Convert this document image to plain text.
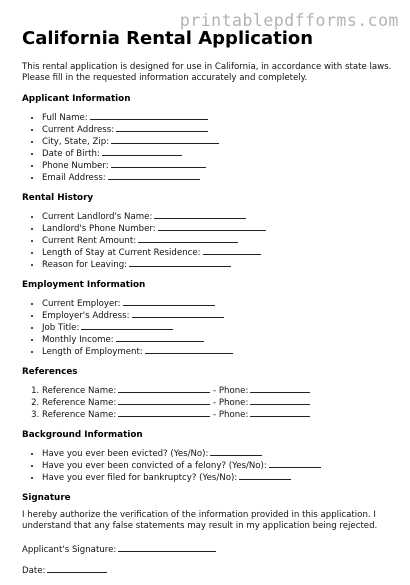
printablepdfforms.com
California Rental Application

This rental application is designed for use in California, in accordance with state laws. Please fill in the requested information accurately and completely.

Applicant Information
• Full Name:
• Current Address:
• City, State, Zip:
• Date of Birth:
• Phone Number:
• Email Address:
Rental History
• Current Landlord's Name:
• Landlord's Phone Number:
• Current Rent Amount:
• Length of Stay at Current Residence:
• Reason for Leaving:
Employment Information
• Current Employer:
• Employer's Address:
• Job Title:
• Monthly Income:
• Length of Employment:
References
1. Reference Name:	- Phone:
2. Reference Name:	- Phone:
3. Reference Name:	- Phone:
Background Information
• Have you ever been evicted? (Yes/No):
• Have you ever been convicted of a felony? (Yes/No):
• Have you ever filed for bankruptcy? (Yes/No):
Signature

I hereby authorize the verification of the information provided in this application. I understand that any false statements may result in my application being rejected.

Applicant's Signature:
Date:
